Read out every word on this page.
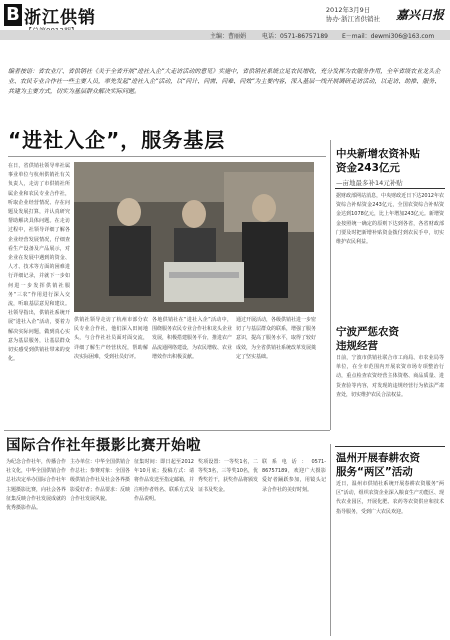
B 浙江供销	2012年3月9日
协办·浙江省供销社 嘉兴日报
主编：曹丽娟	电话：0571-86757189 E－mail：dewmi306@163.com
编者按语：省农业厅、省供销社《关于全省开展“进社入企”大走访活动的意见》实施中，省供销社系统立足农民增收，充分发挥为农服务作用，全年省级农业龙头企业、农民专业合作社一些主要人员，率先发起“进社入企”活动，以“问计、问需、问难、问效”为主要内容，深入基层一线开展调研走访活动，以走访、助推、服务、共建为主要方式，切实为基层群众解决实际问题。
“进社入企”，服务基层
在日，省供销社领导率社属事业单位与杭州供销社有关负责人，走访了市供销社所属企业和农民专业合作社，听取企业经营情况、存在问题及发展打算，并认真研究帮助解决具体问题。在走访过程中，社领导详细了解各企业经营发展情况，仔细查看生产设备及产品展示，对企业在发展中遇到的资金、人才、技术等方面的困难进行详细记录，并就下一步如何进一步发挥供销社服务“三农”作用进行深入交流，听取基层意见和建议。社领导指出，供销社系统开展“进社入企”活动，要着力解决实际问题，做到真心实意为基层服务，让基层群众切实感受到供销社带来的变化。
供销社领导走访了杭州市部分农民专业合作社，他们深入田间地头，与合作社社员面对面交流，详细了解生产经营状况，帮助解决实际困难，受到社员好评。
各地供销社在“进社入企”活动中，围绕服务农民专业合作社和龙头企业发展，积极搭建服务平台，推进农产品流通网络建设，为农民增收、农业增效作出积极贡献。
通过开展活动，各级供销社进一步密切了与基层群众的联系，增强了服务意识，提高了服务水平，取得了较好成效，为全省供销社系统改革发展奠定了坚实基础。
中央新增农资补贴
资金243亿元
—亩地最多补14元补贴
据财政部网站消息，中央财政近日下达2012年农资综合补贴资金243亿元，全国农资综合补贴资金达到1078亿元，比上年增加243亿元。新增资金按照统一确定的原则下达到各省，各省财政部门要及时把新增补贴资金拨付到农民手中，切实维护农民利益。
宁波严惩农资
违规经营
日前，宁波市供销社联合市工商局、市农业局等单位，在全市范围内开展农资市场专项整治行动，重点检查农资经营主体资格、商品质量、进货查验等内容，对发现的违规经营行为依法严肃查处，切实维护农民合法权益。
国际合作社年摄影比赛开始啦
为纪念合作社年，传播合作社文化，中华全国供销合作总社决定举办国际合作社年主题摄影比赛，向社会各界征集反映合作社发展成就的优秀摄影作品。
主办单位：中华全国供销合作总社；参赛对象：全国各级供销合作社及社会各界摄影爱好者；作品要求：反映合作社发展风貌。
征集时间：即日起至2012年10月底；投稿方式：请将作品发送至指定邮箱，并注明作者姓名、联系方式及作品说明。
奖项设置：一等奖1名，二等奖3名，三等奖10名，优秀奖若干，获奖作品将颁发证书及奖金。
联系电话：0571-86757189，欢迎广大摄影爱好者踊跃参加，用镜头记录合作社的美好时刻。
温州开展春耕农资
服务“两区”活动
近日，温州市供销社系统开展春耕农资服务“两区”活动，组织农资企业深入粮食生产功能区、现代农业园区，开展化肥、农药等农资供应和技术指导服务，受到广大农民欢迎。
